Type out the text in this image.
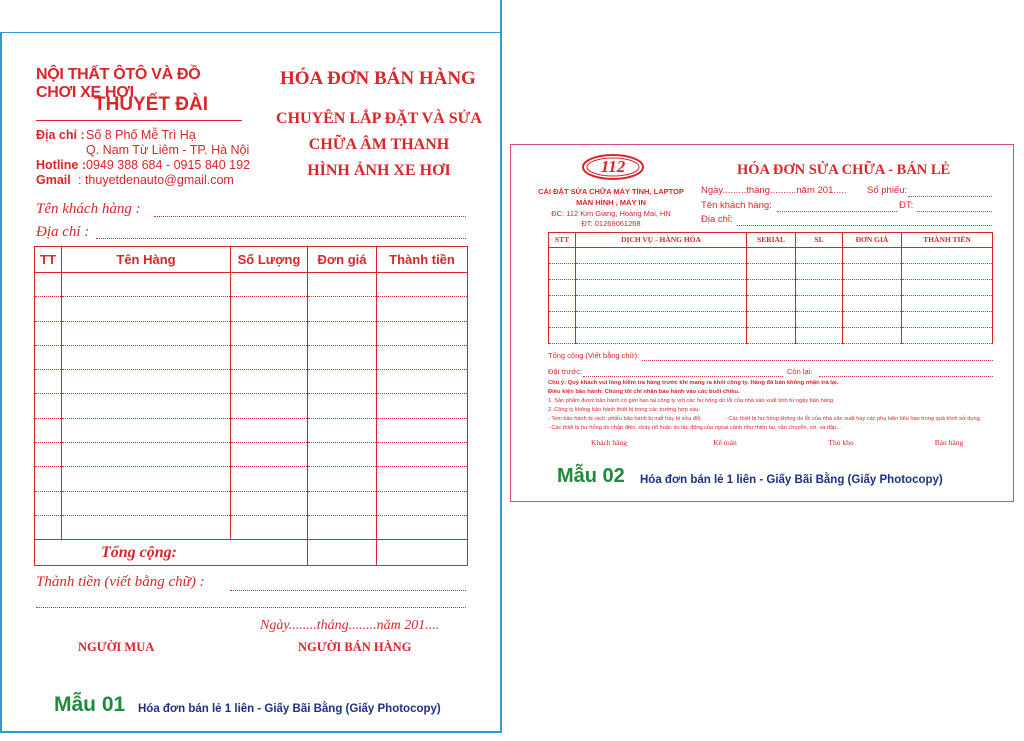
NỘI THẤT ÔTÔ VÀ ĐỒ CHƠI XE HƠI
THUYẾT ĐÀI
Địa chỉ : Số 8 Phố Mễ Trì Hạ
Q. Nam Từ Liêm - TP. Hà Nội
Hotline : 0949 388 684 - 0915 840 192
Gmail : thuyetdenauto@gmail.com
HÓA ĐƠN BÁN HÀNG
CHUYÊN LẮP ĐẶT VÀ SỬA
CHỮA ÂM THANH
HÌNH ẢNH XE HƠI
Tên khách hàng :
Địa chỉ :
TT	Tên Hàng	Số Lượng	Đơn giá	Thành tiền

Tổng cộng:				
Thành tiền (viết bằng chữ) :
Ngày........tháng........năm 201....
NGƯỜI MUA	NGƯỜI BÁN HÀNG
Mẫu 01 Hóa đơn bán lẻ 1 liên - Giấy Bãi Bằng (Giấy Photocopy)
112
CÀI ĐẶT SỬA CHỮA MÁY TÍNH, LAPTOP
MÀN HÌNH , MÁY IN
ĐC: 112 Kim Giang, Hoàng Mai, HN
ĐT: 01269061268
HÓA ĐƠN SỬA CHỮA - BÁN LẺ
Ngày.........tháng..........năm 201..... Số phiếu:
Tên khách hàng:	ĐT:
Địa chỉ:
STT	DỊCH VỤ - HÀNG HÓA	SERIAL	SL	ĐƠN GIÁ	THÀNH TIỀN

Tổng cộng (Viết bằng chữ):
Đặt trước:	Còn lại:
Chú ý: Quý khách vui lòng kiểm tra hàng trước khi mang ra khỏi công ty. Hàng đã bán không nhận trả lại.
Điều kiện bảo hành: Chúng tôi chỉ nhận bảo hành vào các buổi chiều.
1. Sản phẩm được bảo hành có giới hạn tại công ty với các hư hỏng do lỗi của nhà sản xuất tính từ ngày bán hàng.
2. Công ty không bảo hành thiết bị trong các trường hợp sau:
- Tem bảo hành bị rách, phiếu bảo hành bị mất hay bị sửa đổi;	- Các thiết bị hư hỏng không do lỗi của nhà sản xuất hay các phụ kiện tiêu hao trong quá trình sử dụng.
- Các thiết bị hư hỏng do chập điện, cháy nổ hoặc do tác động của ngoại cảnh như thiên tai, vận chuyển, rơi, va đập...
Khách hàng	Kế toán	Thủ kho	Bán hàng
Mẫu 02 Hóa đơn bán lẻ 1 liên - Giấy Bãi Bằng (Giấy Photocopy)
